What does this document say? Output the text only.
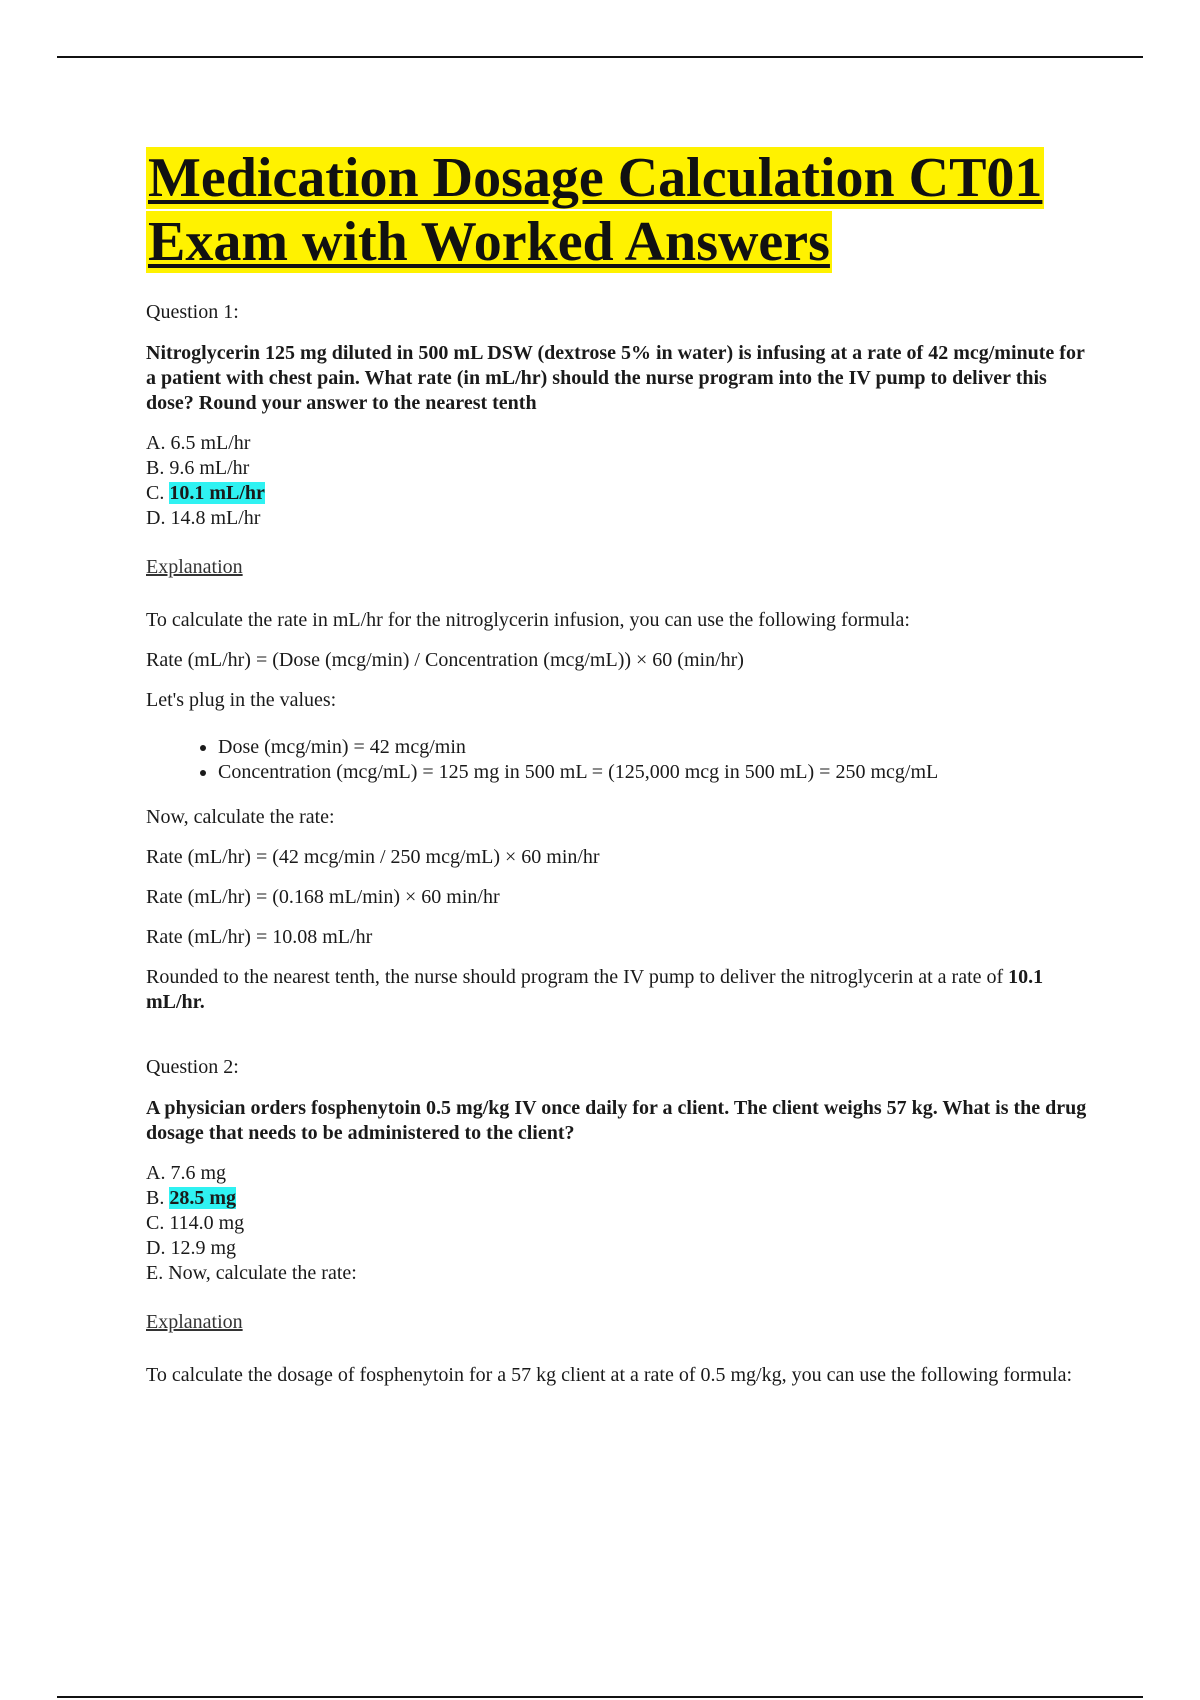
Medication Dosage Calculation CT01
Exam with Worked Answers

Question 1:

Nitroglycerin 125 mg diluted in 500 mL DSW (dextrose 5% in water) is infusing at a rate of 42 mcg/minute for a patient with chest pain. What rate (in mL/hr) should the nurse program into the IV pump to deliver this dose? Round your answer to the nearest tenth

A. 6.5 mL/hr
B. 9.6 mL/hr
C. 10.1 mL/hr
D. 14.8 mL/hr

Explanation

To calculate the rate in mL/hr for the nitroglycerin infusion, you can use the following formula:

Rate (mL/hr) = (Dose (mcg/min) / Concentration (mcg/mL)) × 60 (min/hr)

Let's plug in the values:

• Dose (mcg/min) = 42 mcg/min
• Concentration (mcg/mL) = 125 mg in 500 mL = (125,000 mcg in 500 mL) = 250 mcg/mL

Now, calculate the rate:

Rate (mL/hr) = (42 mcg/min / 250 mcg/mL) × 60 min/hr

Rate (mL/hr) = (0.168 mL/min) × 60 min/hr

Rate (mL/hr) = 10.08 mL/hr

Rounded to the nearest tenth, the nurse should program the IV pump to deliver the nitroglycerin at a rate of 10.1 mL/hr.

Question 2:

A physician orders fosphenytoin 0.5 mg/kg IV once daily for a client. The client weighs 57 kg. What is the drug dosage that needs to be administered to the client?

A. 7.6 mg
B. 28.5 mg
C. 114.0 mg
D. 12.9 mg
E. Now, calculate the rate:

Explanation

To calculate the dosage of fosphenytoin for a 57 kg client at a rate of 0.5 mg/kg, you can use the following formula:
